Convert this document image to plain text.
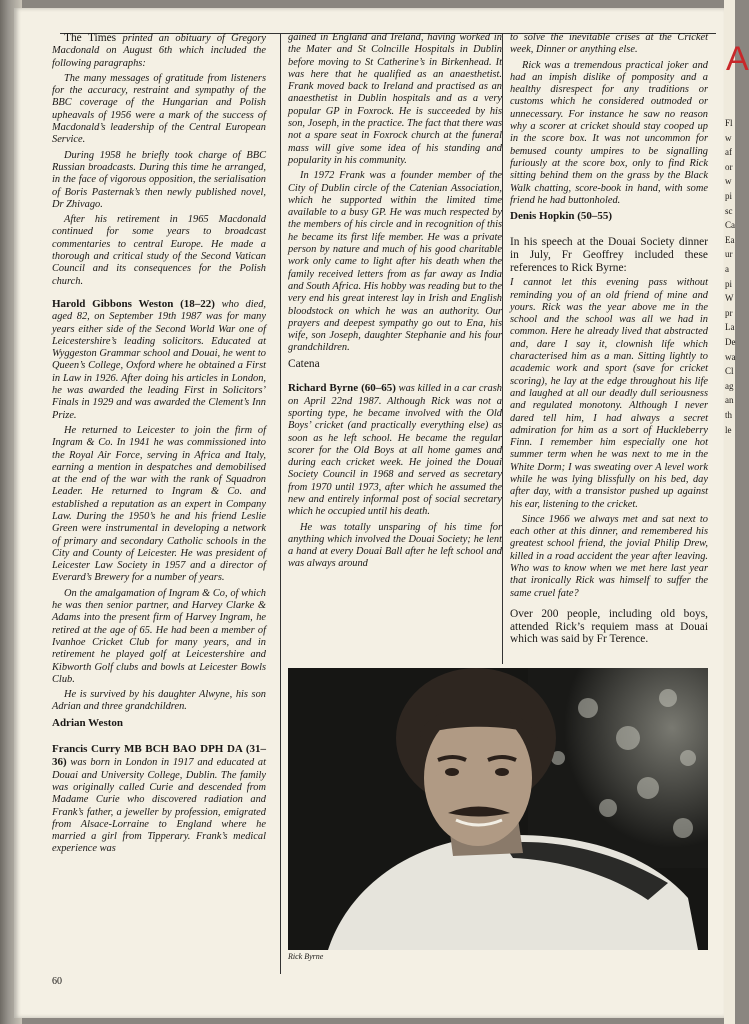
The Times printed an obituary of Gregory Macdonald on August 6th which included the following paragraphs:

The many messages of gratitude from listeners for the accuracy, restraint and sympathy of the BBC coverage of the Hungarian and Polish upheavals of 1956 were a mark of the success of Macdonald’s leadership of the Central European Service.

During 1958 he briefly took charge of BBC Russian broadcasts. During this time he arranged, in the face of vigorous opposition, the serialisation of Boris Pasternak’s then newly published novel, Dr Zhivago.

After his retirement in 1965 Macdonald continued for some years to broadcast commentaries to central Europe. He made a thorough and critical study of the Second Vatican Council and its consequences for the Polish church.

Harold Gibbons Weston (18–22) who died, aged 82, on September 19th 1987 was for many years either side of the Second World War one of Leicestershire’s leading solicitors. Educated at Wyggeston Grammar school and Douai, he went to Queen’s College, Oxford where he obtained a First in Law in 1926. After doing his articles in London, he was awarded the leading First in Solicitors’ Finals in 1929 and was awarded the Clement’s Inn Prize.

He returned to Leicester to join the firm of Ingram & Co. In 1941 he was commissioned into the Royal Air Force, serving in Africa and Italy, earning a mention in despatches and demobilised at the end of the war with the rank of Squadron Leader. He returned to Ingram & Co. and established a reputation as an expert in Company Law. During the 1950’s he and his friend Leslie Green were instrumental in developing a network of primary and secondary Catholic schools in the City and County of Leicester. He was president of Leicester Law Society in 1957 and a director of Everard’s Brewery for a number of years.

On the amalgamation of Ingram & Co, of which he was then senior partner, and Harvey Clarke & Adams into the present firm of Harvey Ingram, he retired at the age of 65. He had been a member of Ivanhoe Cricket Club for many years, and in retirement he played golf at Leicestershire and Kibworth Golf clubs and bowls at Leicester Bowls Club.

He is survived by his daughter Alwyne, his son Adrian and three grandchildren.

Adrian Weston

Francis Curry MB BCH BAO DPH DA (31–36) was born in London in 1917 and educated at Douai and University College, Dublin. The family was originally called Curie and descended from Madame Curie who discovered radiation and Frank’s father, a jeweller by profession, emigrated from Alsace-Lorraine to England where he married a girl from Tipperary. Frank’s medical experience was

gained in England and Ireland, having worked in the Mater and St Colncille Hospitals in Dublin before moving to St Catherine’s in Birkenhead. It was here that he qualified as an anaesthetist. Frank moved back to Ireland and practised as an anaesthetist in Dublin hospitals and as a very popular GP in Foxrock. He is succeeded by his son, Joseph, in the practice. The fact that there was not a spare seat in Foxrock church at the funeral mass will give some idea of his standing and popularity in his community.

In 1972 Frank was a founder member of the City of Dublin circle of the Catenian Association, which he supported within the limited time available to a busy GP. He was much respected by the members of his circle and in recognition of this he became its first life member. He was a private person by nature and much of his good charitable work only came to light after his death when the family received letters from as far away as India and South Africa. His hobby was reading but to the very end his great interest lay in Irish and English bloodstock on which he was an authority. Our prayers and deepest sympathy go out to Ena, his wife, son Joseph, daughter Stephanie and his four grandchildren.

Catena

Richard Byrne (60–65) was killed in a car crash on April 22nd 1987. Although Rick was not a sporting type, he became involved with the Old Boys’ cricket (and practically everything else) as soon as he left school. He became the regular scorer for the Old Boys at all home games and during each cricket week. He joined the Douai Society Council in 1968 and served as secretary from 1970 until 1973, after which he assumed the new and entirely informal post of social secretary which he occupied until his death.

He was totally unsparing of his time for anything which involved the Douai Society; he lent a hand at every Douai Ball after he left school and was always around

to solve the inevitable crises at the Cricket week, Dinner or anything else.

Rick was a tremendous practical joker and had an impish dislike of pomposity and a healthy disrespect for any traditions or customs which he considered outmoded or unnecessary. For instance he saw no reason why a scorer at cricket should stay cooped up in the score box. It was not uncommon for bemused county umpires to be signalling furiously at the score box, only to find Rick sitting behind them on the grass by the Black Walk chatting, score-book in hand, with some friend he had buttonholed.

Denis Hopkin (50–55)

In his speech at the Douai Society dinner in July, Fr Geoffrey included these references to Rick Byrne:

I cannot let this evening pass without reminding you of an old friend of mine and yours. Rick was the year above me in the school and the school was all we had in common. Here he already lived that abstracted and, dare I say it, clownish life which characterised him as a man. Sitting lightly to academic work and sport (save for cricket scoring), he lay at the edge throughout his life and laughed at all our deadly dull seriousness and regulated monotony. Although I never dared tell him, I had always a secret admiration for him as a sort of Huckleberry Finn. I remember him especially one hot summer term when he was next to me in the White Dorm; I was sweating over A level work while he was lying blissfully on his bed, day after day, with a transistor pushed up against his ear, listening to the cricket.

Since 1966 we always met and sat next to each other at this dinner, and remembered his greatest school friend, the jovial Philip Drew, killed in a road accident the year after leaving. Who was to know when we met here last year that ironically Rick was himself to suffer the same cruel fate?

Over 200 people, including old boys, attended Rick’s requiem mass at Douai which was said by Fr Terence.

Rick Byrne
60
A
Fl
w
af
or
w
pi
sc
Ca
Ea
ur
a
pi
W
pr
La
De
wa
Cl
ag
an
th
le
